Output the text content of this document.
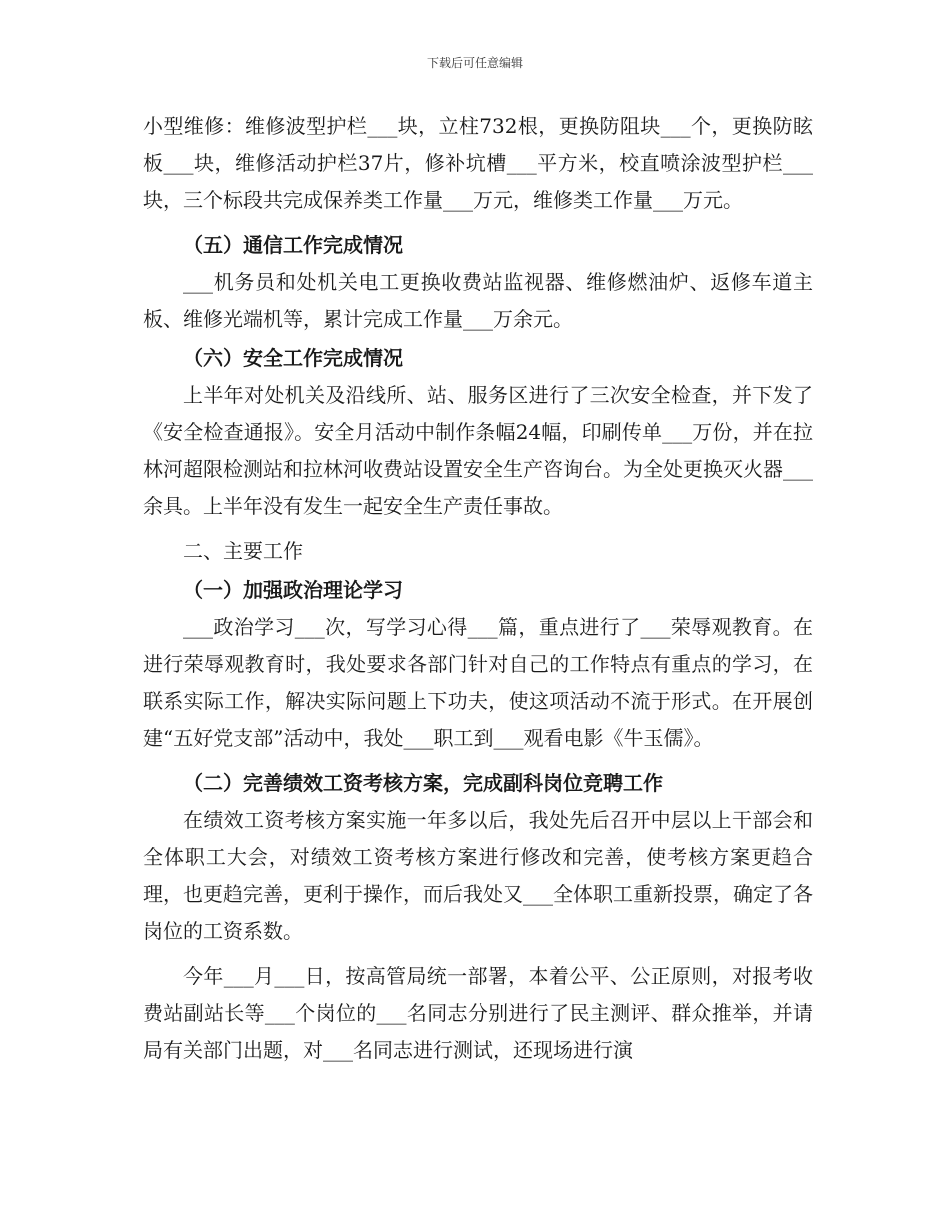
下载后可任意编辑

小型维修：维修波型护栏___块，立柱732根，更换防阻块___个，更换防眩板___块，维修活动护栏37片，修补坑槽___平方米，校直喷涂波型护栏___块，三个标段共完成保养类工作量___万元，维修类工作量___万元。

（五）通信工作完成情况

___机务员和处机关电工更换收费站监视器、维修燃油炉、返修车道主板、维修光端机等，累计完成工作量___万余元。

（六）安全工作完成情况

上半年对处机关及沿线所、站、服务区进行了三次安全检查，并下发了《安全检查通报》。安全月活动中制作条幅24幅，印刷传单___万份，并在拉林河超限检测站和拉林河收费站设置安全生产咨询台。为全处更换灭火器___余具。上半年没有发生一起安全生产责任事故。

二、主要工作

（一）加强政治理论学习

___政治学习___次，写学习心得___篇，重点进行了___荣辱观教育。在进行荣辱观教育时，我处要求各部门针对自己的工作特点有重点的学习，在联系实际工作，解决实际问题上下功夫，使这项活动不流于形式。在开展创建“五好党支部”活动中，我处___职工到___观看电影《牛玉儒》。

（二）完善绩效工资考核方案，完成副科岗位竞聘工作

在绩效工资考核方案实施一年多以后，我处先后召开中层以上干部会和全体职工大会，对绩效工资考核方案进行修改和完善，使考核方案更趋合理，也更趋完善，更利于操作，而后我处又___全体职工重新投票，确定了各岗位的工资系数。

今年___月___日，按高管局统一部署，本着公平、公正原则，对报考收费站副站长等___个岗位的___名同志分别进行了民主测评、群众推举，并请局有关部门出题，对___名同志进行测试，还现场进行演
